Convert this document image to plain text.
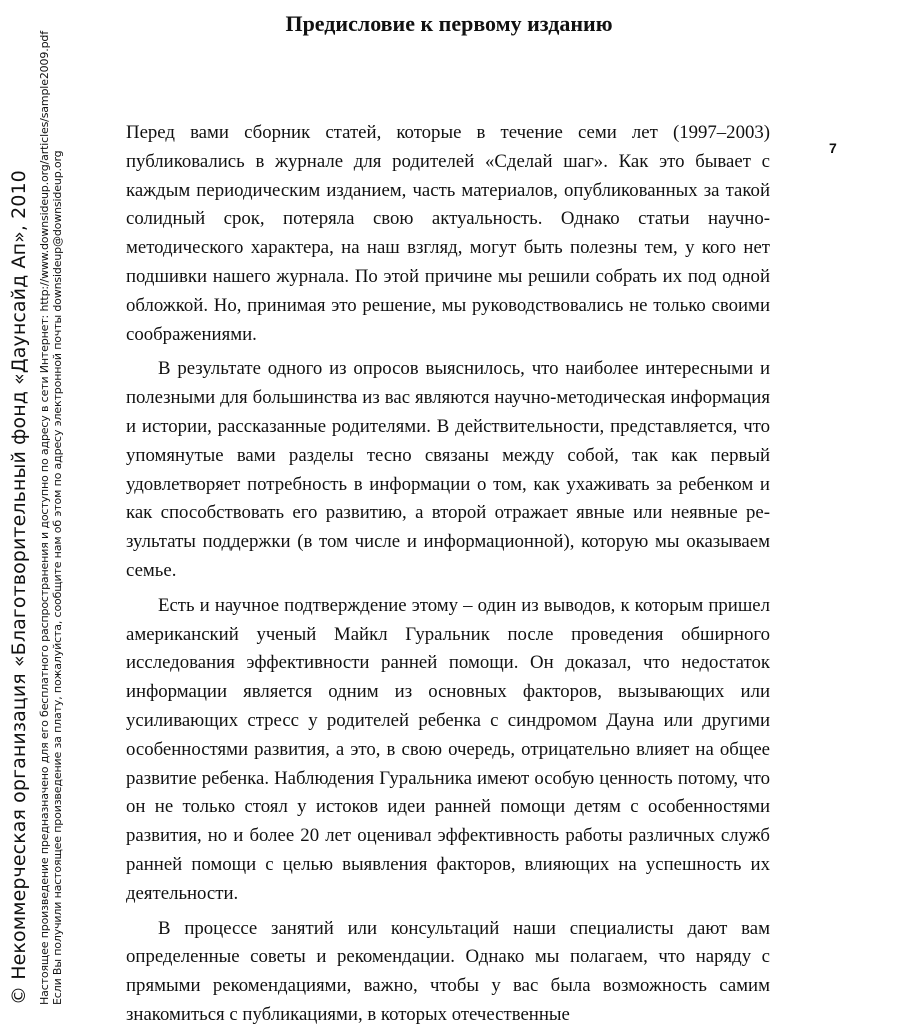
Предисловие к первому изданию
7
© Некоммерческая организация «Благотворительный фонд «Даунсайд Ап», 2010 Настоящее произведение предназначено для его бесплатного распространения и доступно по адресу в сети Интернет: http://www.downsideup.org/articles/sample2009.pdf Если Вы получили настоящее произведение за плату, пожалуйста, сообщите нам об этом по адресу электронной почты downsideup@downsideup.org

Перед вами сборник статей, которые в течение семи лет (1997–2003) публиковались в журнале для родителей «Сделай шаг». Как это бывает с каждым периодическим изданием, часть материалов, опубликованных за такой солидный срок, потеряла свою актуальность. Однако статьи научно-методического характера, на наш взгляд, могут быть полезны тем, у кого нет подшивки нашего журнала. По этой причине мы решили собрать их под одной обложкой. Но, принимая это решение, мы руководствовались не только своими соображениями.

В результате одного из опросов выяснилось, что наиболее интересными и полезными для большинства из вас являются научно-методическая информация и истории, рассказанные родителями. В действительности, представляется, что упомянутые вами разделы тесно связаны между собой, так как первый удовлетворяет потребность в информации о том, как ухаживать за ребенком и как способствовать его развитию, а второй отражает явные или неявные результаты поддержки (в том числе и информационной), которую мы оказываем семье.

Есть и научное подтверждение этому – один из выводов, к которым пришел американский ученый Майкл Гуральник после проведения обширного исследования эффективности ранней помощи. Он доказал, что недостаток информации является одним из основных факторов, вызывающих или усиливающих стресс у родителей ребенка с синдромом Дауна или другими особенностями развития, а это, в свою очередь, отрицательно влияет на общее развитие ребенка. Наблюдения Гуральника имеют особую ценность потому, что он не только стоял у истоков идеи ранней помощи детям с особенностями развития, но и более 20 лет оценивал эффективность работы различных служб ранней помощи с целью выявления факторов, влияющих на успешность их деятельности.

В процессе занятий или консультаций наши специалисты дают вам определенные советы и рекомендации. Однако мы полагаем, что наряду с прямыми рекомендациями, важно, чтобы у вас была возможность самим знакомиться с публикациями, в которых отечественные
